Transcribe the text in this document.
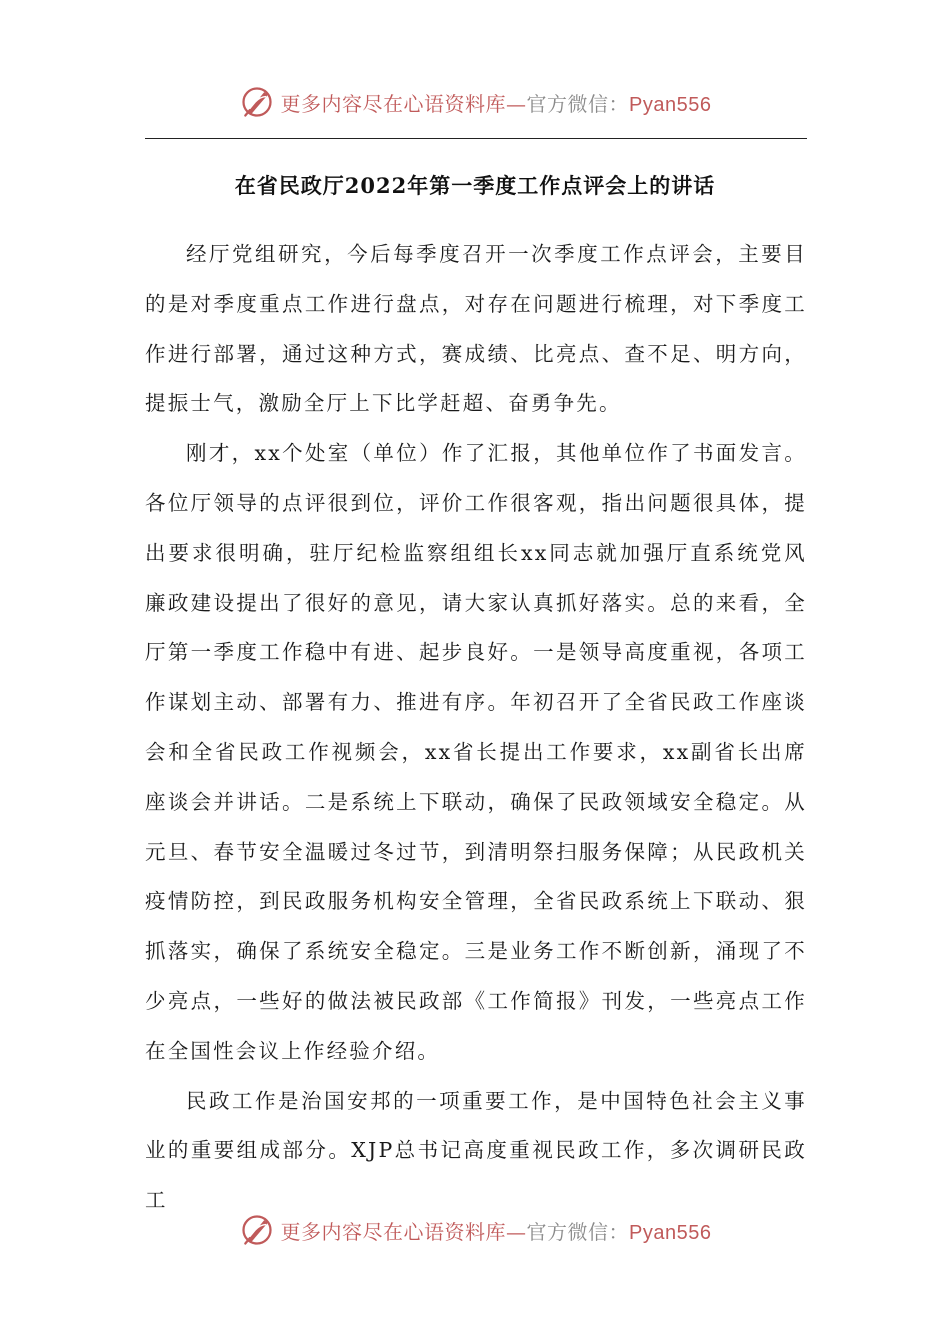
更多内容尽在心语资料库—官方微信：Pyan556
在省民政厅2022年第一季度工作点评会上的讲话

经厅党组研究，今后每季度召开一次季度工作点评会，主要目的是对季度重点工作进行盘点，对存在问题进行梳理，对下季度工作进行部署，通过这种方式，赛成绩、比亮点、查不足、明方向，提振士气，激励全厅上下比学赶超、奋勇争先。

刚才，xx个处室（单位）作了汇报，其他单位作了书面发言。各位厅领导的点评很到位，评价工作很客观，指出问题很具体，提出要求很明确，驻厅纪检监察组组长xx同志就加强厅直系统党风廉政建设提出了很好的意见，请大家认真抓好落实。总的来看，全厅第一季度工作稳中有进、起步良好。一是领导高度重视，各项工作谋划主动、部署有力、推进有序。年初召开了全省民政工作座谈会和全省民政工作视频会，xx省长提出工作要求，xx副省长出席座谈会并讲话。二是系统上下联动，确保了民政领域安全稳定。从元旦、春节安全温暖过冬过节，到清明祭扫服务保障；从民政机关疫情防控，到民政服务机构安全管理，全省民政系统上下联动、狠抓落实，确保了系统安全稳定。三是业务工作不断创新，涌现了不少亮点，一些好的做法被民政部《工作简报》刊发，一些亮点工作在全国性会议上作经验介绍。

民政工作是治国安邦的一项重要工作，是中国特色社会主义事业的重要组成部分。XJP总书记高度重视民政工作，多次调研民政工

更多内容尽在心语资料库—官方微信：Pyan556
